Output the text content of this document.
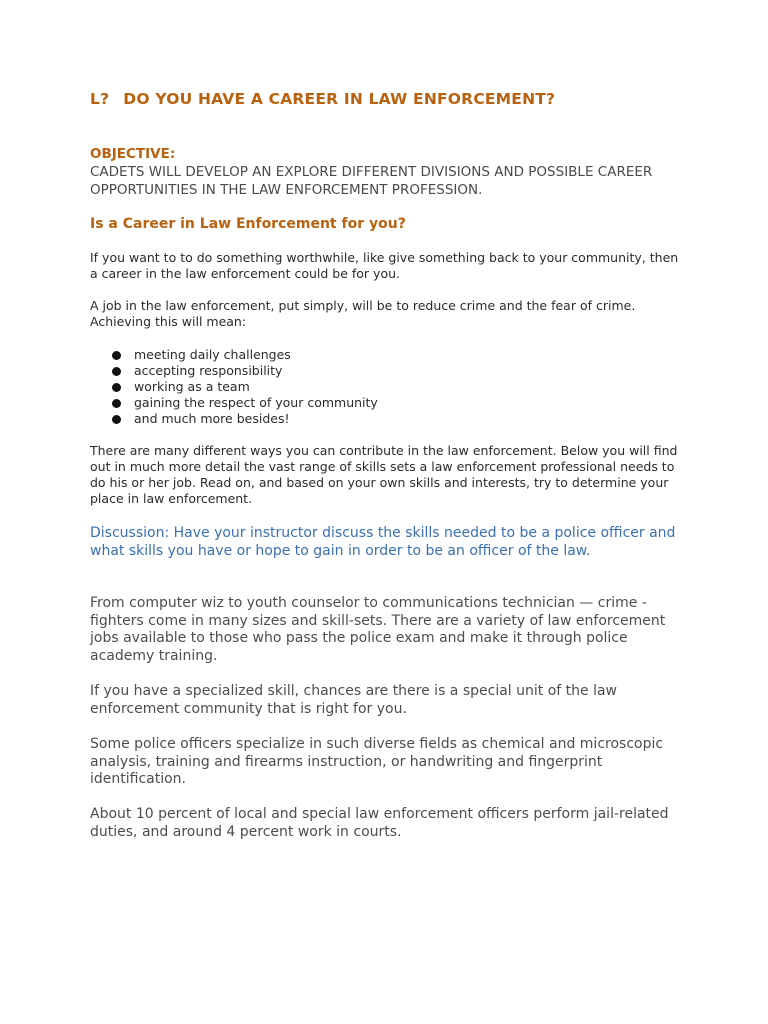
L? DO YOU HAVE A CAREER IN LAW ENFORCEMENT?
OBJECTIVE:
CADETS WILL DEVELOP AN EXPLORE DIFFERENT DIVISIONS AND POSSIBLE CAREER OPPORTUNITIES IN THE LAW ENFORCEMENT PROFESSION.
Is a Career in Law Enforcement for you?

If you want to to do something worthwhile, like give something back to your community, then a career in the law enforcement could be for you.

A job in the law enforcement, put simply, will be to reduce crime and the fear of crime. Achieving this will mean:

meeting daily challenges
accepting responsibility
working as a team
gaining the respect of your community
and much more besides!

There are many different ways you can contribute in the law enforcement. Below you will find out in much more detail the vast range of skills sets a law enforcement professional needs to do his or her job. Read on, and based on your own skills and interests, try to determine your place in law enforcement.

Discussion: Have your instructor discuss the skills needed to be a police officer and what skills you have or hope to gain in order to be an officer of the law.

From computer wiz to youth counselor to communications technician — crime -fighters come in many sizes and skill-sets. There are a variety of law enforcement jobs available to those who pass the police exam and make it through police academy training.

If you have a specialized skill, chances are there is a special unit of the law enforcement community that is right for you.

Some police officers specialize in such diverse fields as chemical and microscopic analysis, training and firearms instruction, or handwriting and fingerprint identification.

About 10 percent of local and special law enforcement officers perform jail-related duties, and around 4 percent work in courts.
